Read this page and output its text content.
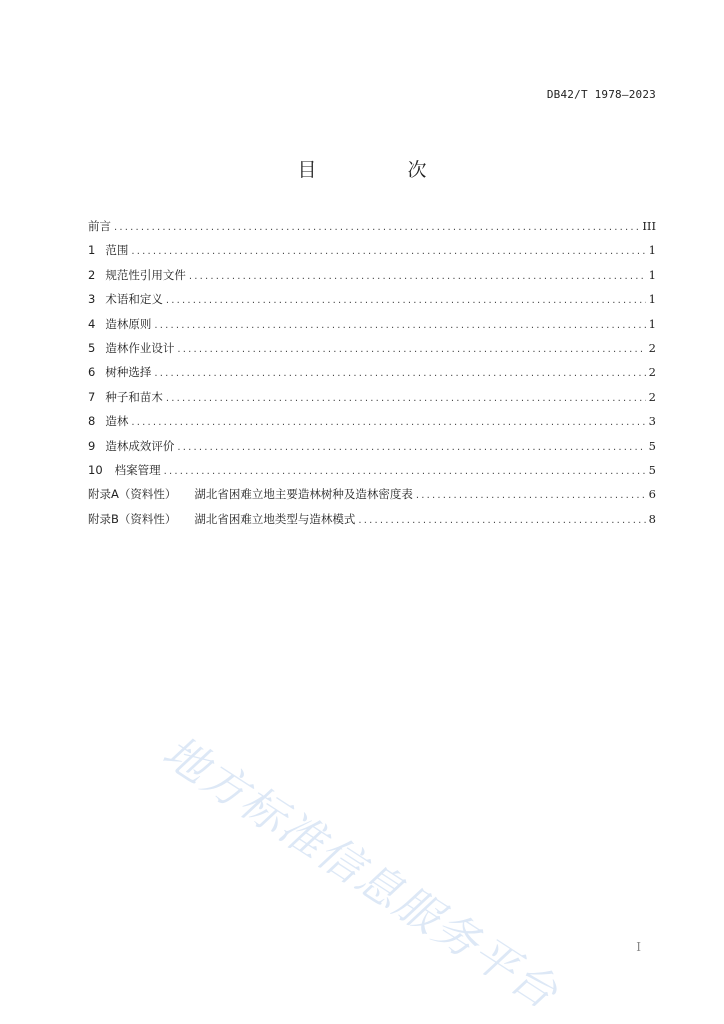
DB42/T 1978—2023
目　次
前言 .....	III
1 范围 .....	1
2 规范性引用文件 .....	1
3 术语和定义 .....	1
4 造林原则 .....	1
5 造林作业设计 .....	2
6 树种选择 .....	2
7 种子和苗木 .....	2
8 造林 .....	3
9 造林成效评价 .....	5
10 档案管理 .....	5
附录A（资料性） 湖北省困难立地主要造林树种及造林密度表 .....	6
附录B（资料性） 湖北省困难立地类型与造林模式 .....	8
地方标准信息服务平台	I
